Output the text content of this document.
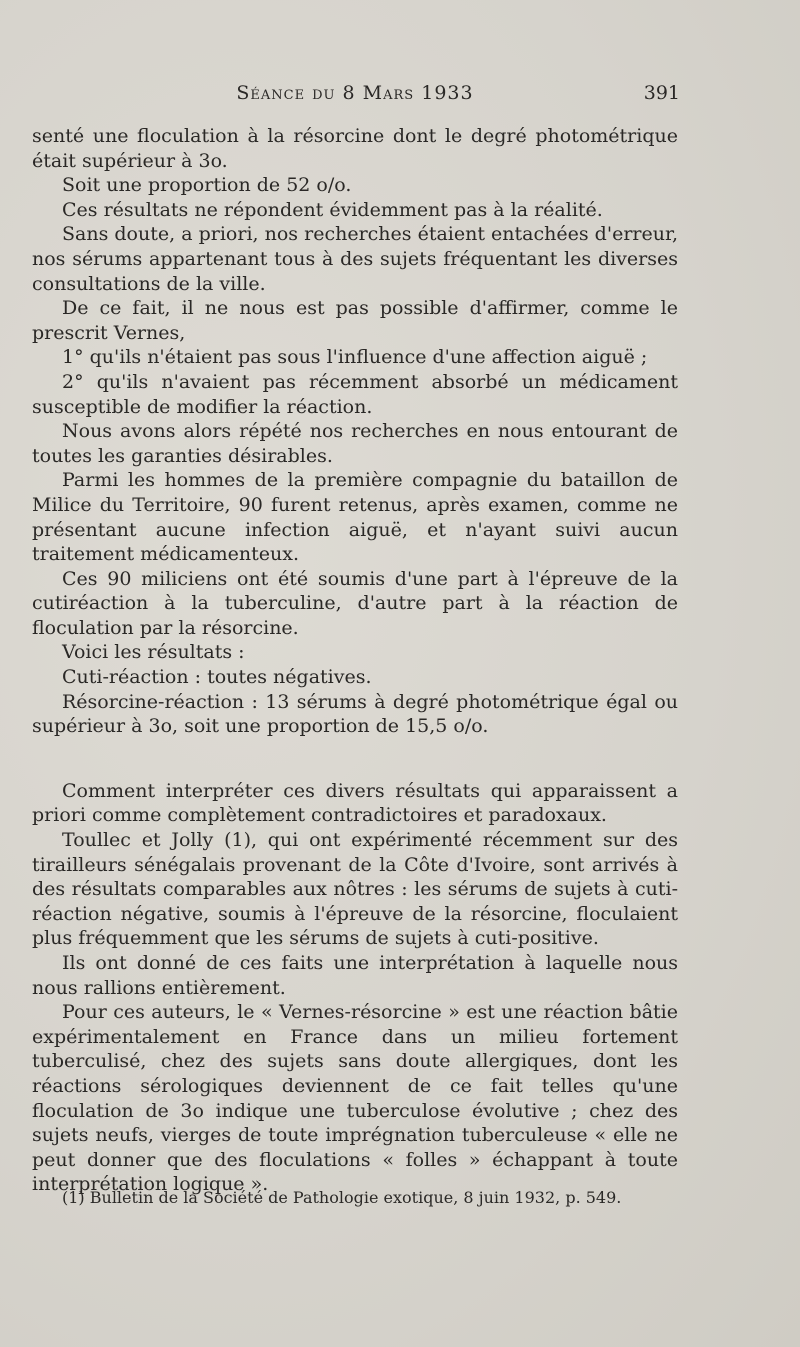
Séance du 8 Mars 1933	391

senté une floculation à la résorcine dont le degré photométrique était supérieur à 3o.

Soit une proportion de 52 o/o.

Ces résultats ne répondent évidemment pas à la réalité.

Sans doute, a priori, nos recherches étaient entachées d'erreur, nos sérums appartenant tous à des sujets fréquentant les diverses consultations de la ville.

De ce fait, il ne nous est pas possible d'affirmer, comme le prescrit Vernes,

1° qu'ils n'étaient pas sous l'influence d'une affection aiguë ;

2° qu'ils n'avaient pas récemment absorbé un médicament susceptible de modifier la réaction.

Nous avons alors répété nos recherches en nous entourant de toutes les garanties désirables.

Parmi les hommes de la première compagnie du bataillon de Milice du Territoire, 90 furent retenus, après examen, comme ne présentant aucune infection aiguë, et n'ayant suivi aucun traitement médicamenteux.

Ces 90 miliciens ont été soumis d'une part à l'épreuve de la cutiréaction à la tuberculine, d'autre part à la réaction de floculation par la résorcine.

Voici les résultats :

Cuti-réaction : toutes négatives.

Résorcine-réaction : 13 sérums à degré photométrique égal ou supérieur à 3o, soit une proportion de 15,5 o/o.

Comment interpréter ces divers résultats qui apparaissent a priori comme complètement contradictoires et paradoxaux.

Toullec et Jolly (1), qui ont expérimenté récemment sur des tirailleurs sénégalais provenant de la Côte d'Ivoire, sont arrivés à des résultats comparables aux nôtres : les sérums de sujets à cuti-réaction négative, soumis à l'épreuve de la résorcine, floculaient plus fréquemment que les sérums de sujets à cuti-positive.

Ils ont donné de ces faits une interprétation à laquelle nous nous rallions entièrement.

Pour ces auteurs, le « Vernes-résorcine » est une réaction bâtie expérimentalement en France dans un milieu fortement tuberculisé, chez des sujets sans doute allergiques, dont les réactions sérologiques deviennent de ce fait telles qu'une floculation de 3o indique une tuberculose évolutive ; chez des sujets neufs, vierges de toute imprégnation tuberculeuse « elle ne peut donner que des floculations « folles » échappant à toute interprétation logique ».

(1) Bulletin de la Société de Pathologie exotique, 8 juin 1932, p. 549.
